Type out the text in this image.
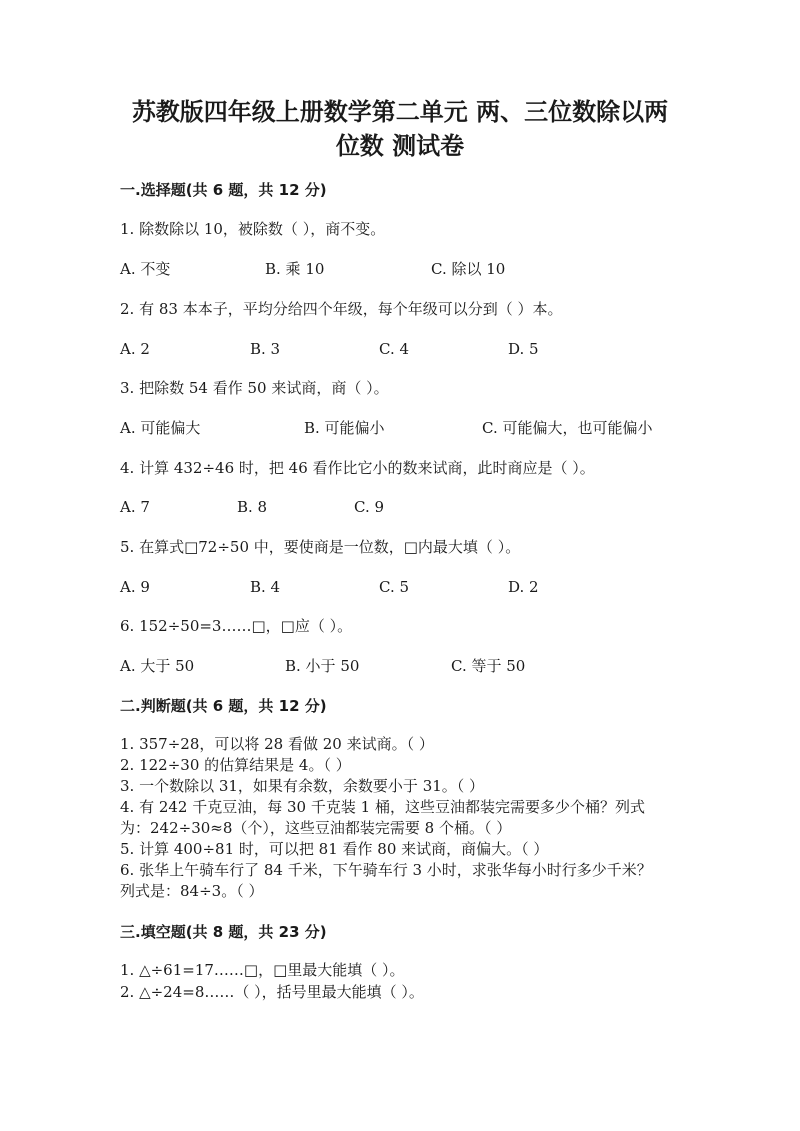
苏教版四年级上册数学第二单元 两、三位数除以两
位数 测试卷
一.选择题(共 6 题，共 12 分)
1. 除数除以 10，被除数（ ），商不变。
A. 不变	B. 乘 10	C. 除以 10
2. 有 83 本本子，平均分给四个年级，每个年级可以分到（ ）本。
A. 2	B. 3	C. 4	D. 5
3. 把除数 54 看作 50 来试商，商（ ）。
A. 可能偏大	B. 可能偏小	C. 可能偏大，也可能偏小
4. 计算 432÷46 时，把 46 看作比它小的数来试商，此时商应是（ ）。
A. 7	B. 8	C. 9
5. 在算式□72÷50 中，要使商是一位数，□内最大填（ ）。
A. 9	B. 4	C. 5	D. 2
6. 152÷50=3……□，□应（ ）。
A. 大于 50	B. 小于 50	C. 等于 50
二.判断题(共 6 题，共 12 分)
1. 357÷28，可以将 28 看做 20 来试商。（ ）
2. 122÷30 的估算结果是 4。（ ）
3. 一个数除以 31，如果有余数，余数要小于 31。（ ）
4. 有 242 千克豆油，每 30 千克装 1 桶，这些豆油都装完需要多少个桶？列式
为：242÷30≈8（个），这些豆油都装完需要 8 个桶。（ ）
5. 计算 400÷81 时，可以把 81 看作 80 来试商，商偏大。（ ）
6. 张华上午骑车行了 84 千米，下午骑车行 3 小时，求张华每小时行多少千米？
列式是：84÷3。（ ）
三.填空题(共 8 题，共 23 分)
1. △÷61=17……□，□里最大能填（ ）。
2. △÷24=8……（ ），括号里最大能填（ ）。
